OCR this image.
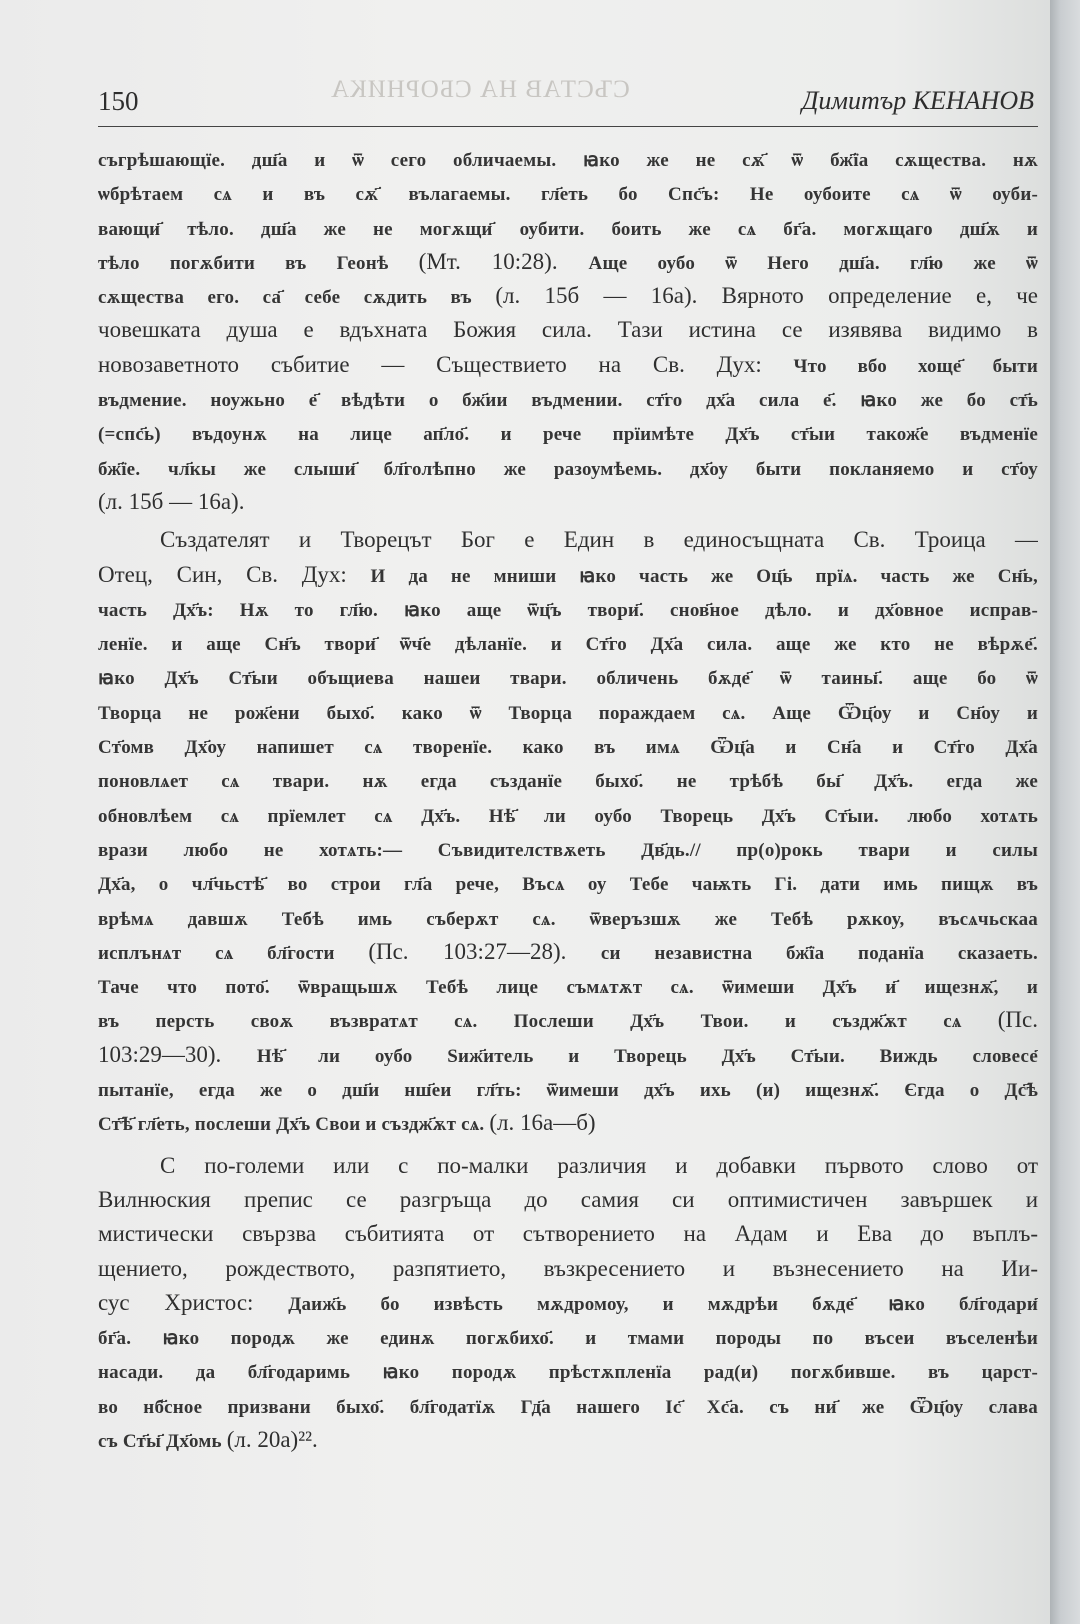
СЪСТАВ НА СБОРНИКА
150	Димитър КЕНАНОВ
съгрѣшающїе. дш҃а и ѿ сего обличаемы. ꙗко же не сѫ҃ ѿ бж҃їа сѫщества. нѫ
ѡбрѣтаем сѧ и въ сѫ҃ вълагаемы. гл҃еть бо Спс҃ъ: Не оубоите сѧ ѿ оуби-
вающи҃ тѣло. дш҃а же не могѫщи҃ оубити. боить же сѧ бг҃а. могѫщаго дш҃ѫ и
тѣло погѫбити въ Геонѣ (Мт. 10:28). Аще оубо ѿ Него дш҃а. гл҃ю же ѿ
сѫщества его. са҃ себе сѫдить въ (л. 15б — 16а). Вярното определение е, че
човешката душа е вдъхната Божия сила. Тази истина се изявява видимо в
новозаветното събитие — Съществието на Св. Дух: Что вбо хоще҃ быти
въдмение. ноужьно е҃ вѣдѣти о бж҃ии въдмении. ст҃го дх҃а сила е҃. ꙗко же бо ст҃ь
(=спс҃ь) въдоунѫ на лице ап҃ло҃. и рече прїимѣте Дх҃ъ ст҃ыи також҃е въдменїе
бж҃їе. чл҃кы же слыши҃ бл҃голѣпно же разоумѣемь. дх҃оу быти покланяемо и ст҃оу
(л. 15б — 16а).
Създателят и Творецът Бог е Един в единосъщната Св. Троица —
Отец, Син, Св. Дух: И да не мниши ꙗко часть же Оц҃ь прїѧ. часть же Сн҃ь,
часть Дх҃ъ: Нѫ то гл҃ю. ꙗко аще ѿц҃ъ твори҃. снов҃ное дѣло. и дх҃овное исправ-
ленїе. и аще Сн҃ъ твори҃ ѿч҃е дѣланїе. и Ст҃го Дх҃а сила. аще же кто не вѣрѫе҃.
ꙗко Дх҃ъ Ст҃ыи объщиева нашеи твари. обличень бѫде҃ ѿ таины҃. аще бо ѿ
Творца не рож҃ени быхо҃. како ѿ Творца пораждаем сѧ. Аще Ѿц҃оу и Сн҃оу и
Ст҃омв Дх҃оу напишет сѧ творенїе. како въ имѧ Ѿц҃а и Сн҃а и Ст҃го Дх҃а
поновлѧет сѧ твари. нѫ егда създанїе быхо҃. не трѣбѣ бы҃ Дх҃ъ. егда же
обновлѣем сѧ прїемлет сѧ Дх҃ъ. Нѣ҃ ли оубо Творець Дх҃ъ Ст҃ыи. любо хотѧть
врази любо не хотѧть:— Съвидителствѫеть Дв҃дь.// пр(о)рокь твари и силы
Дх҃а, о чл҃чьстѣ҃ во строи гл҃а рече, Въсѧ оу Тебе чаѭть Гі. дати имь пищѫ въ
врѣмѧ давшѫ Тебѣ имь съберѫт сѧ. ѿверъзшѫ же Тебѣ рѫкоу, въсѧчьскаа
исплънѧт сѧ бл҃гости (Пс. 103:27—28). си независтна бж҃їа поданїа сказаеть.
Таче что пото҃. ѿвращьшѫ Тебѣ лице съмѧтѫт сѧ. ѿимеши Дх҃ъ и҃ ищезнѫ҃, и
въ персть своѫ възвратѧт сѧ. Послеши Дх҃ъ Твои. и създж҃ѫт сѧ (Пс.
103:29—30). Нѣ҃ ли оубо Ѕиж҃итель и Творець Дх҃ъ Ст҃ыи. Виждь словесе҃
пытанїе, егда же о дш҃и нш҃еи гл҃ть: ѿимеши дх҃ъ ихь (и) ищезнѫ҃. Єгда о Дс҃ѣ
Ст҃ѣ҃ гл҃еть, послеши Дх҃ъ Свои и създж҃ѫт сѧ. (л. 16а—б)
С по-големи или с по-малки различия и добавки първото слово от
Вилнюския препис се разгръща до самия си оптимистичен завършек и
мистически свързва събитията от сътворението на Адам и Ева до въплъ-
щението, рождеството, разпятието, възкресението и възнесението на Ии-
сус Христос: Даиж҃ь бо извѣсть мѫдромоу, и мѫдрѣи бѫде҃ ꙗко бл҃годари҃
бг҃а. ꙗко породѫ же единѫ погѫбихо҃. и тмами породы по въсеи въселенѣи
насади. да бл҃годаримь ꙗко породѫ прѣстѫпленїа рад(и) погѫбивше. въ царст-
во нб҃сное призвани быхо҃. бл҃годатїѫ Гд҃а нашего Іс҃ Хс҃а. съ ни҃ же Ѿц҃оу слава
съ Ст҃ы҃ Дх҃омь (л. 20а)²².
